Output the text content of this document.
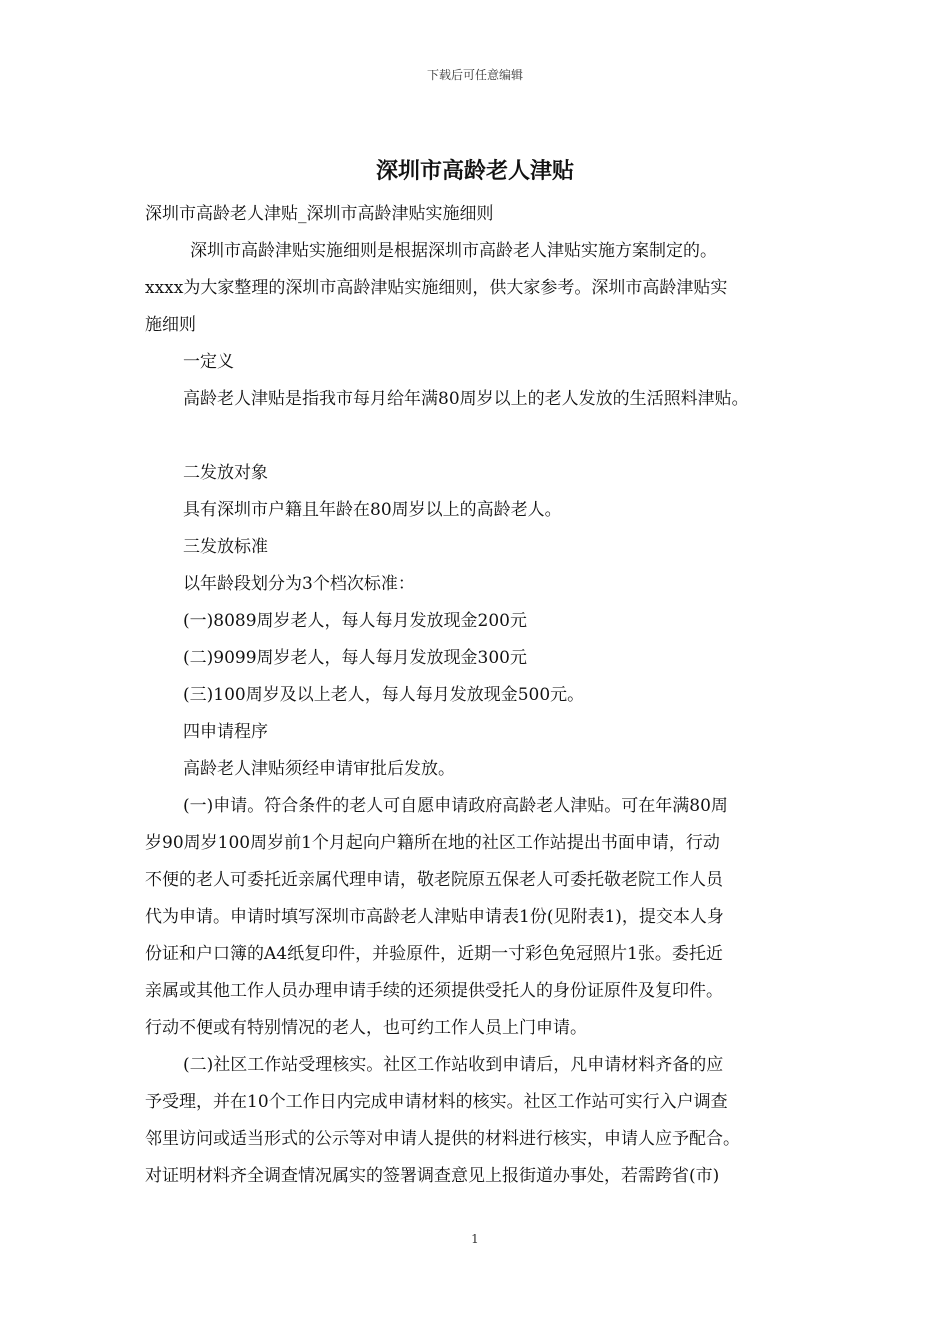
下载后可任意编辑
深圳市高龄老人津贴
深圳市高龄老人津贴_深圳市高龄津贴实施细则
深圳市高龄津贴实施细则是根据深圳市高龄老人津贴实施方案制定的。
xxxx为大家整理的深圳市高龄津贴实施细则，供大家参考。深圳市高龄津贴实
施细则
一定义
高龄老人津贴是指我市每月给年满80周岁以上的老人发放的生活照料津贴。
二发放对象
具有深圳市户籍且年龄在80周岁以上的高龄老人。
三发放标准
以年龄段划分为3个档次标准：
(一)8089周岁老人，每人每月发放现金200元
(二)9099周岁老人，每人每月发放现金300元
(三)100周岁及以上老人，每人每月发放现金500元。
四申请程序
高龄老人津贴须经申请审批后发放。
(一)申请。符合条件的老人可自愿申请政府高龄老人津贴。可在年满80周
岁90周岁100周岁前1个月起向户籍所在地的社区工作站提出书面申请，行动
不便的老人可委托近亲属代理申请，敬老院原五保老人可委托敬老院工作人员
代为申请。申请时填写深圳市高龄老人津贴申请表1份(见附表1)，提交本人身
份证和户口簿的A4纸复印件，并验原件，近期一寸彩色免冠照片1张。委托近
亲属或其他工作人员办理申请手续的还须提供受托人的身份证原件及复印件。
行动不便或有特别情况的老人，也可约工作人员上门申请。
(二)社区工作站受理核实。社区工作站收到申请后，凡申请材料齐备的应
予受理，并在10个工作日内完成申请材料的核实。社区工作站可实行入户调查
邻里访问或适当形式的公示等对申请人提供的材料进行核实，申请人应予配合。
对证明材料齐全调查情况属实的签署调查意见上报街道办事处，若需跨省(市)
1
